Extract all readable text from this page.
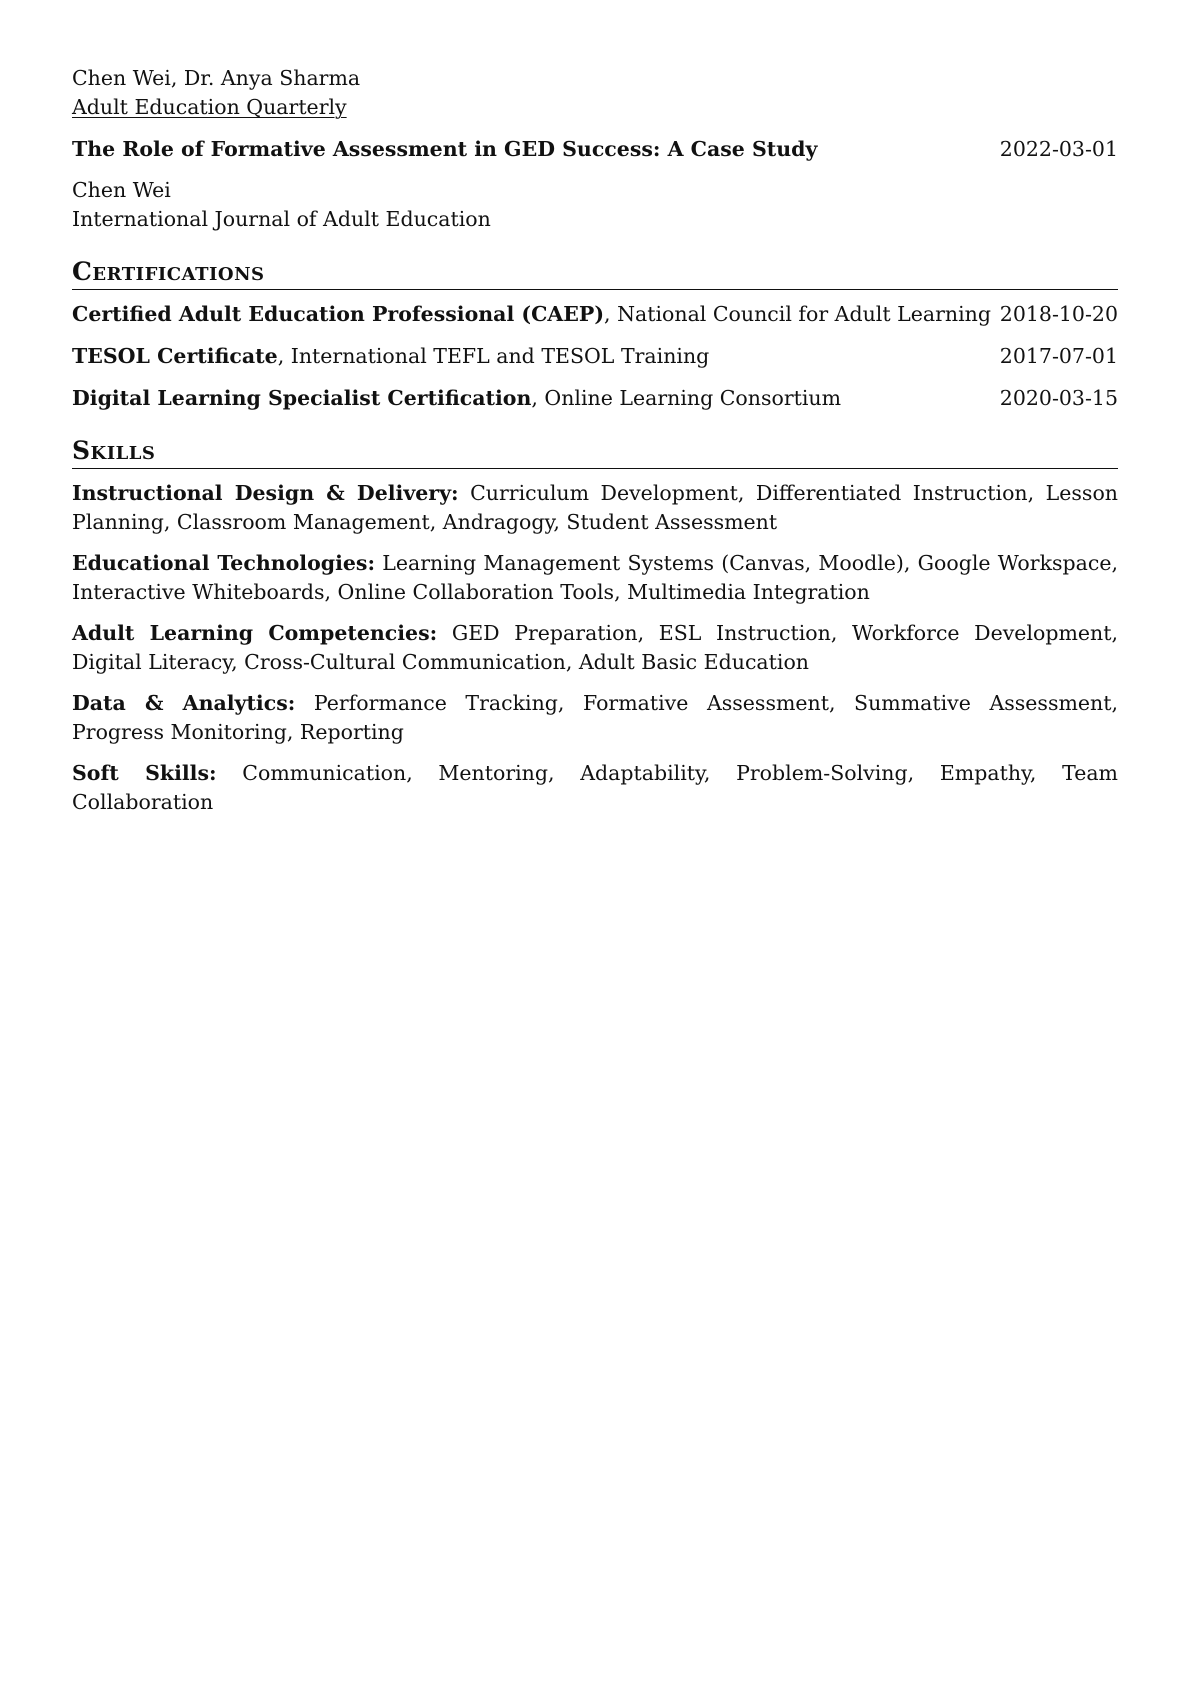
Chen Wei, Dr. Anya Sharma
Adult Education Quarterly
The Role of Formative Assessment in GED Success: A Case Study	2022-03-01
Chen Wei
International Journal of Adult Education
Certifications
Certified Adult Education Professional (CAEP), National Council for Adult Learning 2018-10-20
TESOL Certificate, International TEFL and TESOL Training	2017-07-01
Digital Learning Specialist Certification, Online Learning Consortium	2020-03-15
Skills
Instructional Design & Delivery: Curriculum Development, Differentiated Instruction, Lesson Planning, Classroom Management, Andragogy, Student Assessment
Educational Technologies: Learning Management Systems (Canvas, Moodle), Google Workspace, Interactive Whiteboards, Online Collaboration Tools, Multimedia Integration
Adult Learning Competencies: GED Preparation, ESL Instruction, Workforce Development, Digital Literacy, Cross-Cultural Communication, Adult Basic Education
Data & Analytics: Performance Tracking, Formative Assessment, Summative Assessment, Progress Monitoring, Reporting
Soft Skills: Communication, Mentoring, Adaptability, Problem-Solving, Empathy, Team Collaboration
